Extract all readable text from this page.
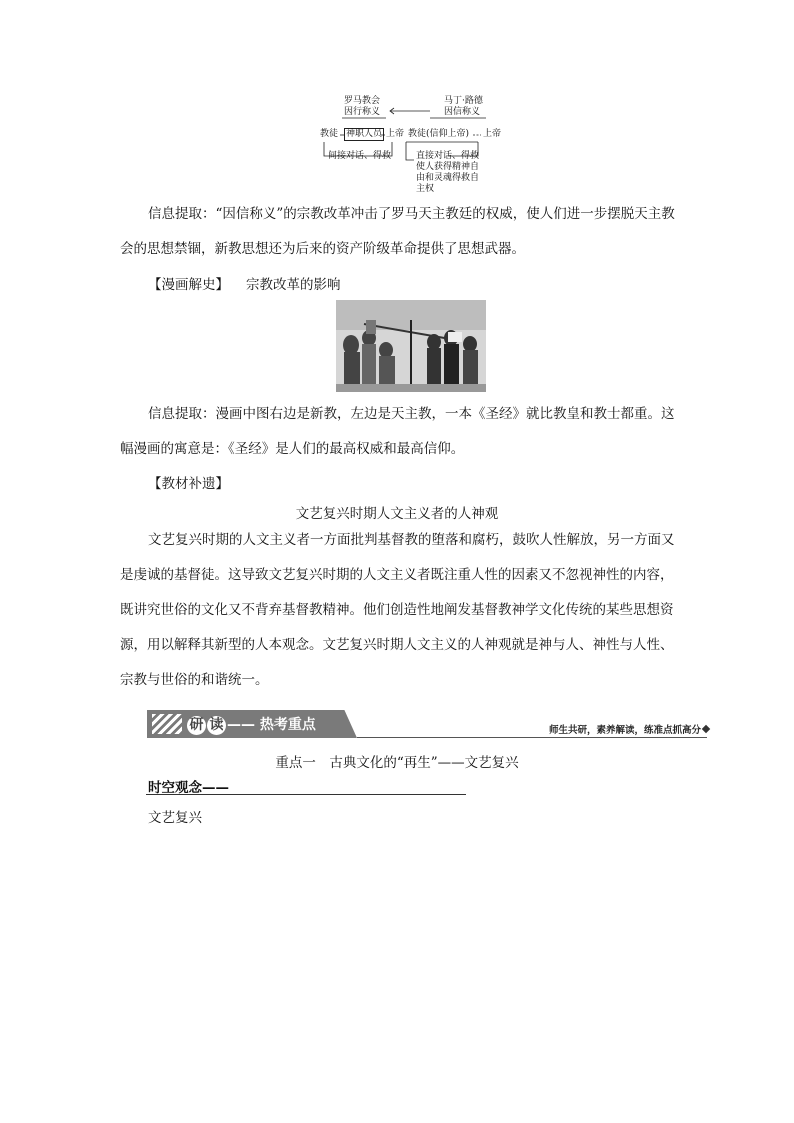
罗马教会
因行称义
马丁·路德
因信称义
教徒 神职人员 上帝 教徒(信仰上帝) 上帝
间接对话、得救	直接对话、得救
使人获得精神自
由和灵魂得救自
主权

信息提取：“因信称义”的宗教改革冲击了罗马天主教廷的权威，使人们进一步摆脱天主教会的思想禁锢，新教思想还为后来的资产阶级革命提供了思想武器。

【漫画解史】 宗教改革的影响

信息提取：漫画中图右边是新教，左边是天主教，一本《圣经》就比教皇和教士都重。这幅漫画的寓意是：《圣经》是人们的最高权威和最高信仰。

【教材补遗】
文艺复兴时期人文主义者的人神观

文艺复兴时期的人文主义者一方面批判基督教的堕落和腐朽，鼓吹人性解放，另一方面又是虔诚的基督徒。这导致文艺复兴时期的人文主义者既注重人性的因素又不忽视神性的内容，既讲究世俗的文化又不背弃基督教精神。他们创造性地阐发基督教神学文化传统的某些思想资源，用以解释其新型的人本观念。文艺复兴时期人文主义的人神观就是神与人、神性与人性、宗教与世俗的和谐统一。

研 读 —— 热考重点	师生共研，素养解读，练准点抓高分
重点一　古典文化的“再生”——文艺复兴
时空观念——
文艺复兴
